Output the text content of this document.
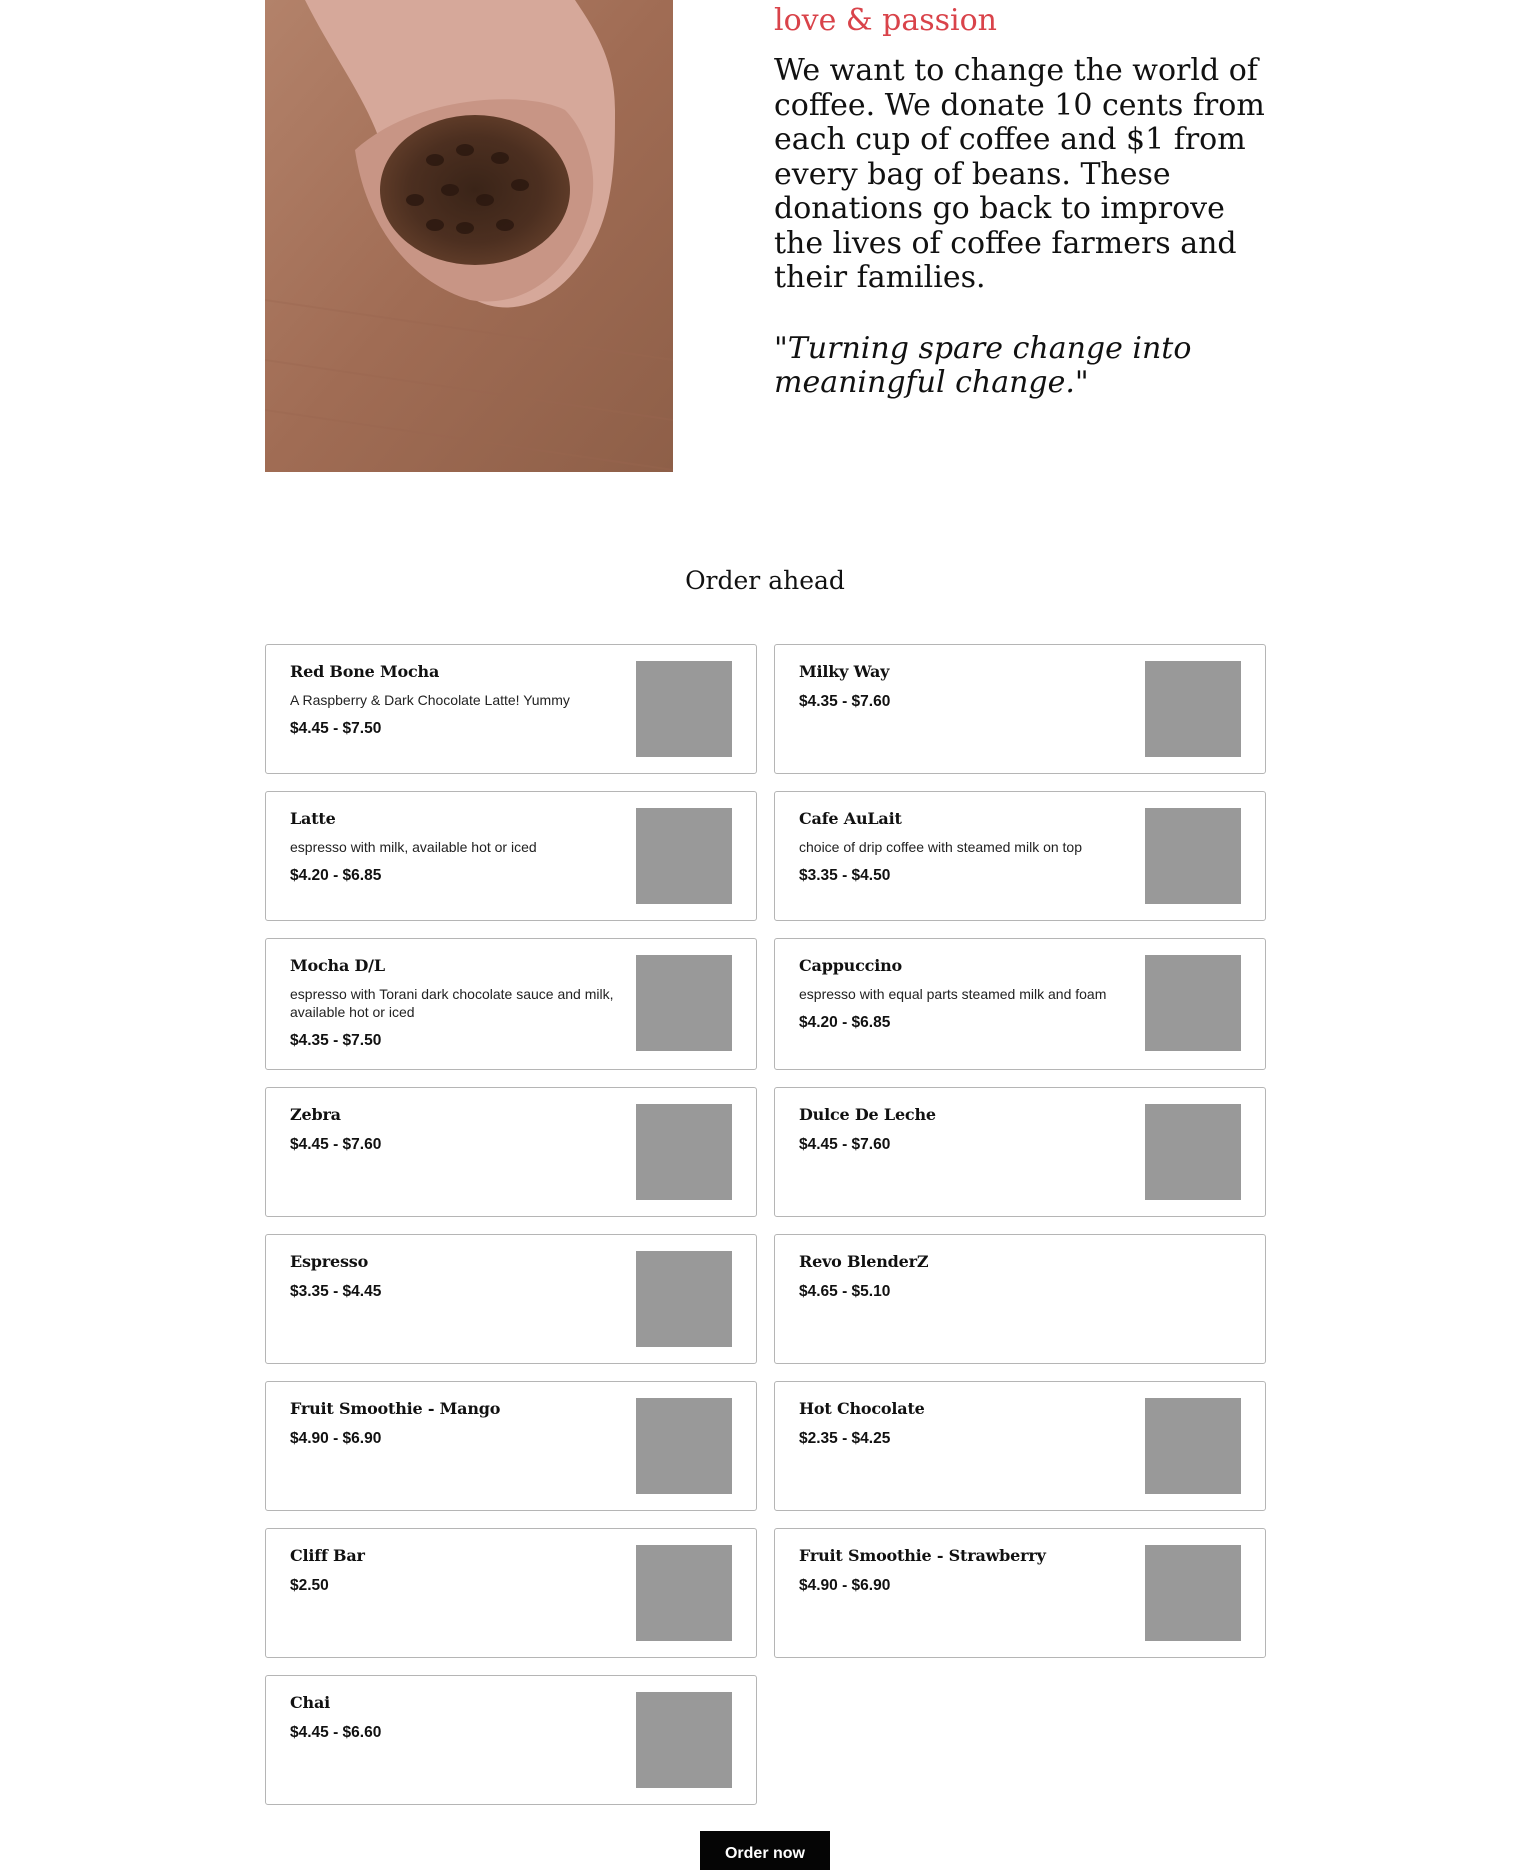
love & passion

We want to change the world of coffee. We donate 10 cents from each cup of coffee and $1 from every bag of beans. These donations go back to improve the lives of coffee farmers and their families.

"Turning spare change into meaningful change."

Order ahead

Red Bone Mocha

A Raspberry & Dark Chocolate Latte! Yummy

$4.45 - $7.50

Milky Way

$4.35 - $7.60

Latte

espresso with milk, available hot or iced

$4.20 - $6.85

Cafe AuLait

choice of drip coffee with steamed milk on top

$3.35 - $4.50

Mocha D/L

espresso with Torani dark chocolate sauce and milk, available hot or iced

$4.35 - $7.50

Cappuccino

espresso with equal parts steamed milk and foam

$4.20 - $6.85

Zebra

$4.45 - $7.60

Dulce De Leche

$4.45 - $7.60

Espresso

$3.35 - $4.45

Revo BlenderZ

$4.65 - $5.10

Fruit Smoothie - Mango

$4.90 - $6.90

Hot Chocolate

$2.35 - $4.25

Cliff Bar

$2.50

Fruit Smoothie - Strawberry

$4.90 - $6.90

Chai

$4.45 - $6.60

Order now
